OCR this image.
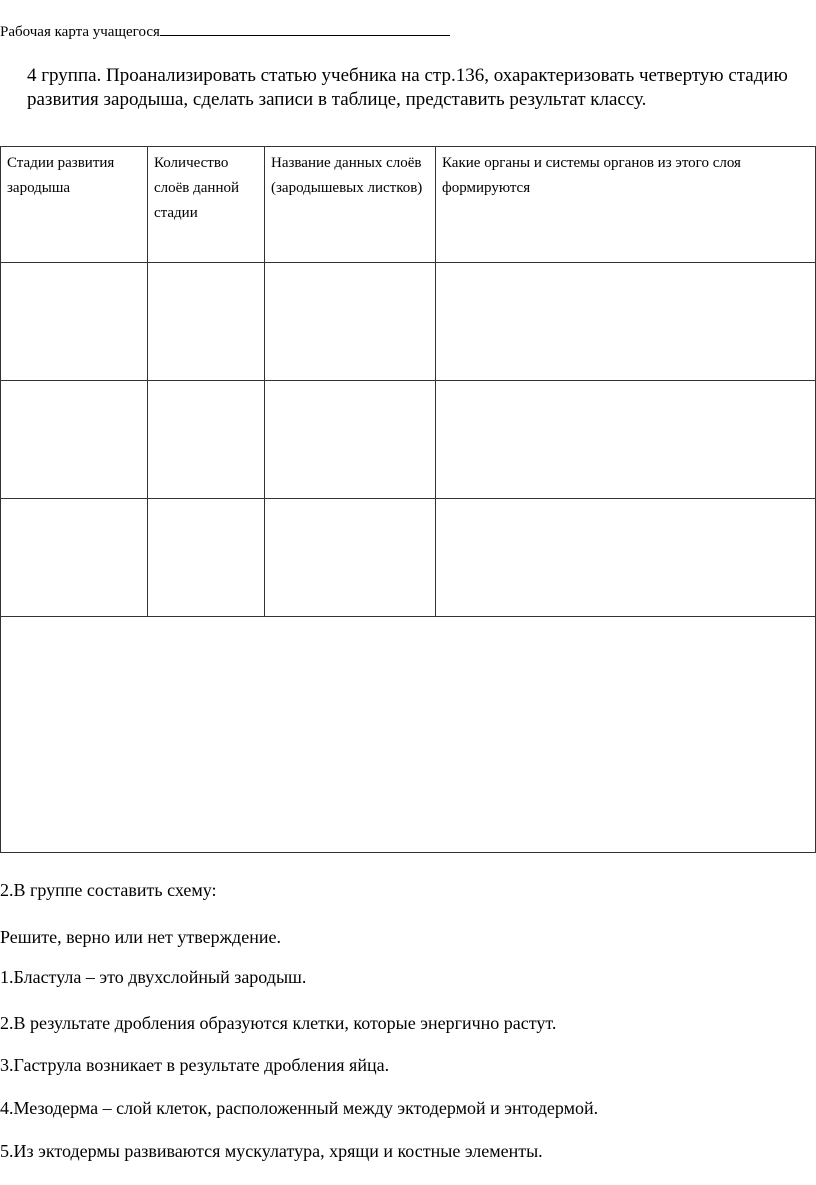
Рабочая карта учащегося
4 группа. Проанализировать статью учебника на стр.136, охарактеризовать четвертую стадию развития зародыша, сделать записи в таблице, представить результат классу.
Стадии развития зародыша	Количество слоёв данной стадии	Название данных слоёв (зародышевых листков)	Какие органы и системы органов из этого слоя формируются

2.В группе составить схему:
Решите, верно или нет утверждение.
1.Бластула – это двухслойный зародыш.
2.В результате дробления образуются клетки, которые энергично растут.
3.Гаструла возникает в результате дробления яйца.
4.Мезодерма – слой клеток, расположенный между эктодермой и энтодермой.
5.Из эктодермы развиваются мускулатура, хрящи и костные элементы.
